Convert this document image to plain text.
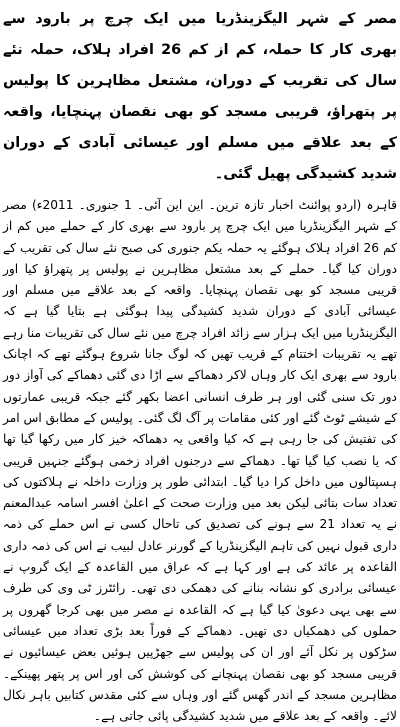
مصر کے شہر الیگزینڈریا میں ایک چرچ پر بارود سے بھری کار کا حملہ، کم از کم 26 افراد ہلاک، حملہ نئے سال کی تقریب کے دوران، مشتعل مظاہرین کا پولیس پر پتھراؤ، قریبی مسجد کو بھی نقصان پہنچایا، واقعہ کے بعد علاقے میں مسلم اور عیسائی آبادی کے دوران شدید کشیدگی پھیل گئی۔

قاہرہ (اردو پوائنٹ اخبار تازہ ترین۔ این این آئی۔ 1 جنوری۔ 2011ء) مصر کے شہر الیگزینڈریا میں ایک چرچ پر بارود سے بھری کار کے حملے میں کم از کم 26 افراد ہلاک ہوگئے یہ حملہ یکم جنوری کی صبح نئے سال کی تقریب کے دوران کیا گیا۔ حملے کے بعد مشتعل مظاہرین نے پولیس پر پتھراؤ کیا اور قریبی مسجد کو بھی نقصان پہنچایا۔ واقعہ کے بعد علاقے میں مسلم اور عیسائی آبادی کے دوران شدید کشیدگی پیدا ہوگئی ہے بتایا گیا ہے کہ الیگزینڈریا میں ایک ہزار سے زائد افراد چرچ میں نئے سال کی تقریبات منا رہے تھے یہ تقریبات اختتام کے قریب تھیں کہ لوگ جانا شروع ہوگئے تھے کہ اچانک بارود سے بھری ایک کار وہاں لاکر دھماکے سے اڑا دی گئی دھماکے کی آواز دور دور تک سنی گئی اور ہر طرف انسانی اعضا بکھر گئے جبکہ قریبی عمارتوں کے شیشے ٹوٹ گئے اور کئی مقامات پر آگ لگ گئی۔ پولیس کے مطابق اس امر کی تفتیش کی جا رہی ہے کہ کیا واقعی یہ دھماکہ خیز کار میں رکھا گیا تھا کہ یا نصب کیا گیا تھا۔ دھماکے سے درجنوں افراد زخمی ہوگئے جنہیں قریبی ہسپتالوں میں داخل کرا دیا گیا۔ ابتدائی طور پر وزارت داخلہ نے ہلاکتوں کی تعداد سات بتائی لیکن بعد میں وزارت صحت کے اعلیٰ افسر اسامہ عبدالمعنم نے یہ تعداد 21 سے ہونے کی تصدیق کی تاحال کسی نے اس حملے کی ذمہ داری قبول نہیں کی تاہم الیگزینڈریا کے گورنر عادل لبیب نے اس کی ذمہ داری القاعدہ پر عائد کی ہے اور کہا ہے کہ عراق میں القاعدہ کے ایک گروپ نے عیسائی برادری کو نشانہ بنانے کی دھمکی دی تھی۔ رائٹرز ٹی وی کی طرف سے بھی یہی دعویٰ کیا گیا ہے کہ القاعدہ نے مصر میں بھی کرجا گھروں پر حملوں کی دھمکیاں دی تھیں۔ دھماکے کے فوراً بعد بڑی تعداد میں عیسائی سڑکوں پر نکل آئے اور ان کی پولیس سے جھڑپیں ہوئیں بعض عیسائیوں نے قریبی مسجد کو بھی نقصان پہنچانے کی کوشش کی اور اس پر پتھر پھینکے۔ مظاہرین مسجد کے اندر گھس گئے اور وہاں سے کئی مقدس کتابیں باہر نکال لائے۔ واقعہ کے بعد علاقے میں شدید کشیدگی پائی جاتی ہے۔
